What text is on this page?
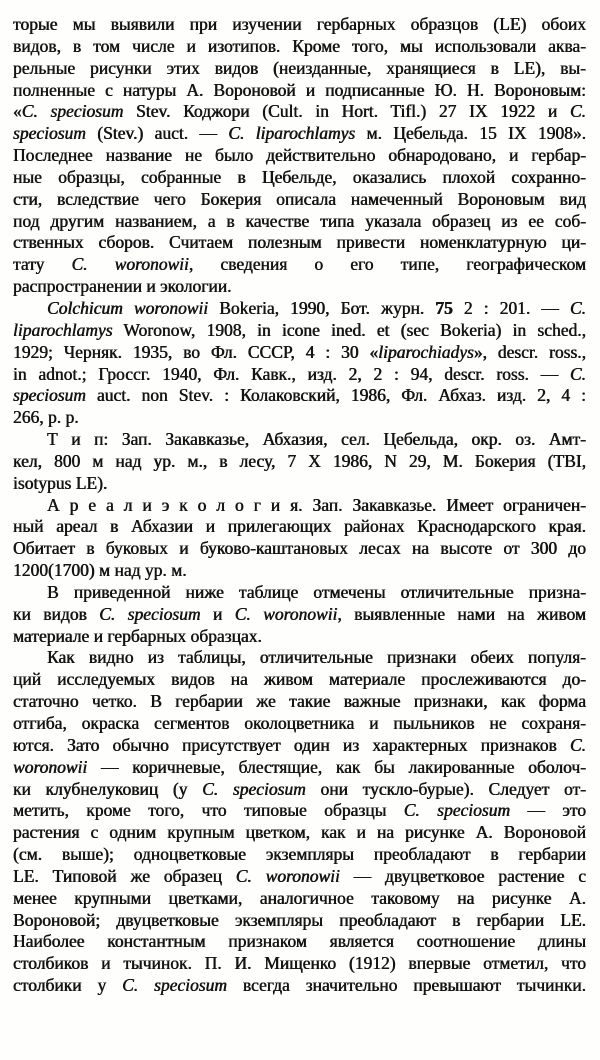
торые мы выявили при изучении гербарных образцов (LE) обоих
видов, в том числе и изотипов. Кроме того, мы использовали аква-
рельные рисунки этих видов (неизданные, хранящиеся в LE), вы-
полненные с натуры А. Вороновой и подписанные Ю. Н. Вороновым:
«C. speciosum Stev. Коджори (Cult. in Hort. Tifl.) 27 IX 1922 и C.
speciosum (Stev.) auct. — C. liparochlamys м. Цебельда. 15 IX 1908».
Последнее название не было действительно обнародовано, и гербар-
ные образцы, собранные в Цебельде, оказались плохой сохранно-
сти, вследствие чего Бокерия описала намеченный Вороновым вид
под другим названием, а в качестве типа указала образец из ее соб-
ственных сборов. Считаем полезным привести номенклатурную ци-
тату C. woronowii, сведения о его типе, географическом
распространении и экологии.
Colchicum woronowii Bokeria, 1990, Бот. журн. 75 2 : 201. — C.
liparochlamys Woronow, 1908, in icone ined. et (sec Bokeria) in sched.,
1929; Черняк. 1935, во Фл. СССР, 4 : 30 «liparochiadys», descr. ross.,
in adnot.; Гроссг. 1940, Фл. Кавк., изд. 2, 2 : 94, descr. ross. — C.
speciosum auct. non Stev. : Колаковский, 1986, Фл. Абхаз. изд. 2, 4 :
266, p. p.
Т и п: Зап. Закавказье, Абхазия, сел. Цебельда, окр. оз. Амт-
кел, 800 м над ур. м., в лесу, 7 X 1986, N 29, М. Бокерия (TBI,
isotypus LE).
А р е а л и э к о л о г и я. Зап. Закавказье. Имеет ограничен-
ный ареал в Абхазии и прилегающих районах Краснодарского края.
Обитает в буковых и буково-каштановых лесах на высоте от 300 до
1200(1700) м над ур. м.
В приведенной ниже таблице отмечены отличительные призна-
ки видов C. speciosum и C. woronowii, выявленные нами на живом
материале и гербарных образцах.
Как видно из таблицы, отличительные признаки обеих популя-
ций исследуемых видов на живом материале прослеживаются до-
статочно четко. В гербарии же такие важные признаки, как форма
отгиба, окраска сегментов околоцветника и пыльников не сохраня-
ются. Зато обычно присутствует один из характерных признаков C.
woronowii — коричневые, блестящие, как бы лакированные оболоч-
ки клубнелуковиц (у C. speciosum они тускло-бурые). Следует от-
метить, кроме того, что типовые образцы C. speciosum — это
растения с одним крупным цветком, как и на рисунке А. Вороновой
(см. выше); одноцветковые экземпляры преобладают в гербарии
LE. Типовой же образец C. woronowii — двуцветковое растение с
менее крупными цветками, аналогичное таковому на рисунке А.
Вороновой; двуцветковые экземпляры преобладают в гербарии LE.
Наиболее константным признаком является соотношение длины
столбиков и тычинок. П. И. Мищенко (1912) впервые отметил, что
столбики у C. speciosum всегда значительно превышают тычинки.
